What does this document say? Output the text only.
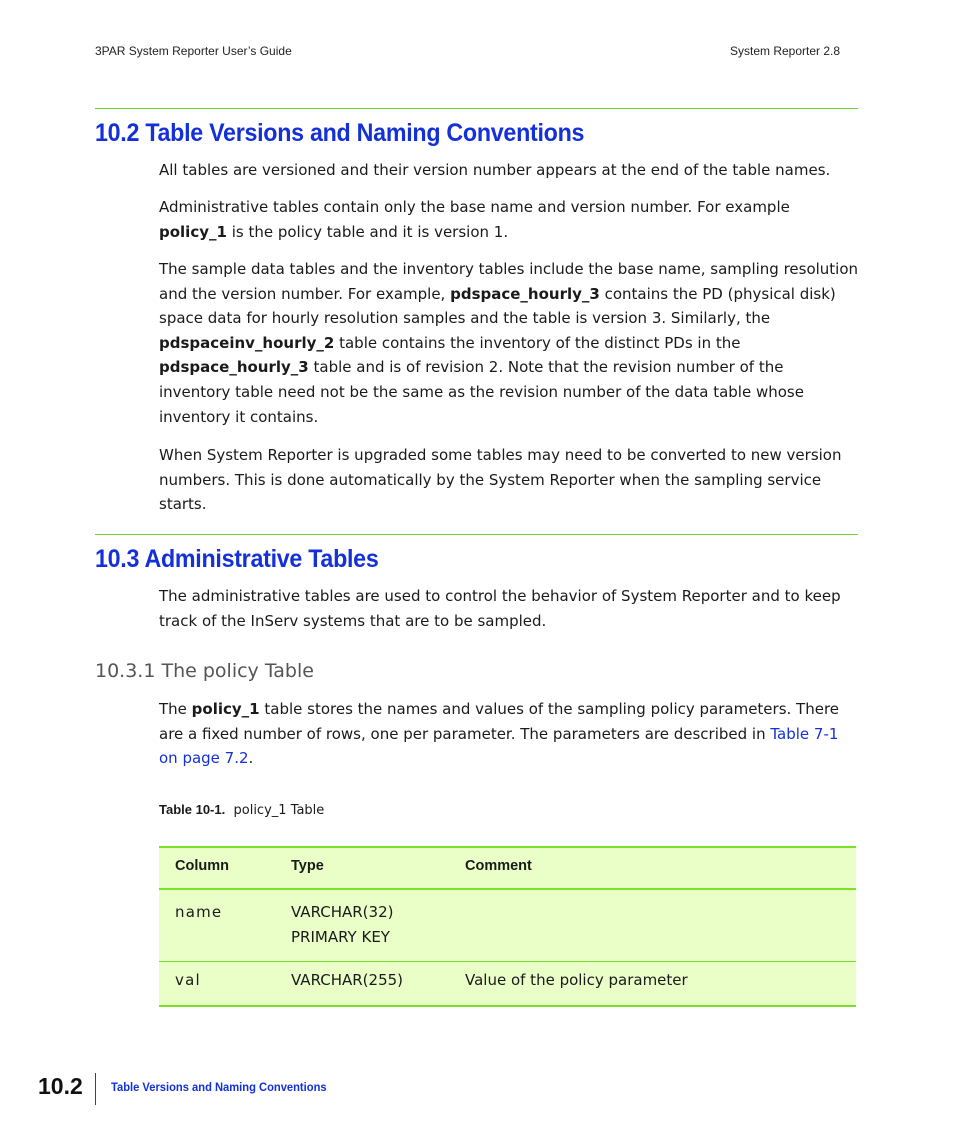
3PAR System Reporter User’s Guide	System Reporter 2.8
10.2 Table Versions and Naming Conventions

All tables are versioned and their version number appears at the end of the table names.

Administrative tables contain only the base name and version number. For example policy_1 is the policy table and it is version 1.

The sample data tables and the inventory tables include the base name, sampling resolution and the version number. For example, pdspace_hourly_3 contains the PD (physical disk) space data for hourly resolution samples and the table is version 3. Similarly, the pdspaceinv_hourly_2 table contains the inventory of the distinct PDs in the pdspace_hourly_3 table and is of revision 2. Note that the revision number of the inventory table need not be the same as the revision number of the data table whose inventory it contains.

When System Reporter is upgraded some tables may need to be converted to new version numbers. This is done automatically by the System Reporter when the sampling service starts.

10.3 Administrative Tables

The administrative tables are used to control the behavior of System Reporter and to keep track of the InServ systems that are to be sampled.

10.3.1 The policy Table

The policy_1 table stores the names and values of the sampling policy parameters. There are a fixed number of rows, one per parameter. The parameters are described in Table 7-1 on page 7.2.

Table 10-1. policy_1 Table
Column	Type	Comment
name	VARCHAR(32)
PRIMARY KEY	

val	VARCHAR(255)	Value of the policy parameter
10.2 Table Versions and Naming Conventions
